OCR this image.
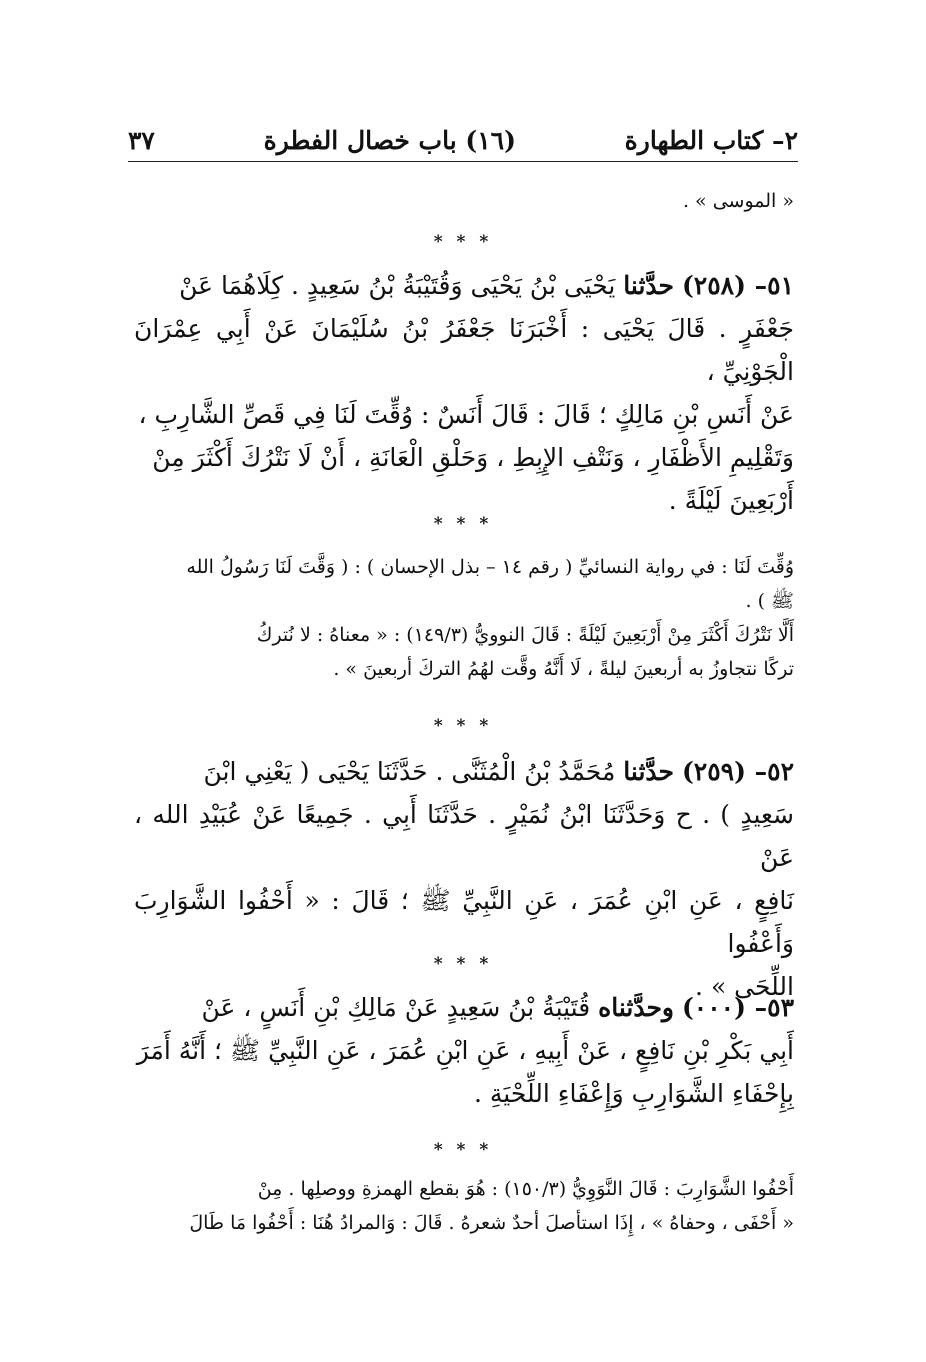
٢– كتاب الطهارة
(١٦) باب خصال الفطرة
٣٧
« الموسى » .
* * *
٥١– (٢٥٨) حدَّثنا يَحْيَى بْنُ يَحْيَى وَقُتَيْبَةُ بْنُ سَعِيدٍ . كِلَاهُمَا عَنْ
جَعْفَرٍ . قَالَ يَحْيَى : أَخْبَرَنَا جَعْفَرُ بْنُ سُلَيْمَانَ عَنْ أَبِي عِمْرَانَ الْجَوْنِيِّ ،
عَنْ أَنَسِ بْنِ مَالِكٍ ؛ قَالَ : قَالَ أَنَسٌ : وُقِّتَ لَنَا فِي قَصِّ الشَّارِبِ ،
وَتَقْلِيمِ الأَظْفَارِ ، وَنَتْفِ الإِبِطِ ، وَحَلْقِ الْعَانَةِ ، أَنْ لَا نَتْرُكَ أَكْثَرَ مِنْ
أَرْبَعِينَ لَيْلَةً .
* * *
وُقِّتَ لَنَا : في رواية النسائيِّ ( رقم ١٤ – بذل الإحسان ) : ( وَقَّتَ لَنَا رَسُولُ الله
ﷺ ) .
أَلَّا نَتْرُكَ أَكْثَرَ مِنْ أَرْبَعِينَ لَيْلَةً : قَالَ النوويُّ (١٤٩/٣) : « معناهُ : لا نُتركُ
تركًا نتجاوزُ به أربعينَ ليلةً ، لَا أَنَّهُ وقَّت لهُمُ التركَ أربعينَ » .
* * *
٥٢– (٢٥٩) حدَّثنا مُحَمَّدُ بْنُ الْمُثَنَّى . حَدَّثَنَا يَحْيَى ( يَعْنِي ابْنَ
سَعِيدٍ ) . ح وَحَدَّثَنَا ابْنُ نُمَيْرٍ . حَدَّثَنَا أَبِي . جَمِيعًا عَنْ عُبَيْدِ الله ، عَنْ
نَافِعٍ ، عَنِ ابْنِ عُمَرَ ، عَنِ النَّبِيِّ ﷺ ؛ قَالَ : « أَحْفُوا الشَّوَارِبَ وَأَعْفُوا
اللِّحَى » .
* * *
٥٣– (٠٠٠) وحدَّثناه قُتَيْبَةُ بْنُ سَعِيدٍ عَنْ مَالِكِ بْنِ أَنَسٍ ، عَنْ
أَبِي بَكْرِ بْنِ نَافِعٍ ، عَنْ أَبِيهِ ، عَنِ ابْنِ عُمَرَ ، عَنِ النَّبِيِّ ﷺ ؛ أَنَّهُ أَمَرَ
بِإِحْفَاءِ الشَّوَارِبِ وَإِعْفَاءِ اللِّحْيَةِ .
* * *
أَحْفُوا الشَّوَارِبَ : قَالَ النَّوَوِيُّ (١٥٠/٣) : هُوَ بقطع الهمزةِ ووصلِها . مِنْ
« أَحْفَى ، وحفاهُ » ، إِذَا استأصلَ أحدٌ شعرهُ . قَالَ : وَالمرادُ هُنَا : أَحْفُوا مَا طَالَ
